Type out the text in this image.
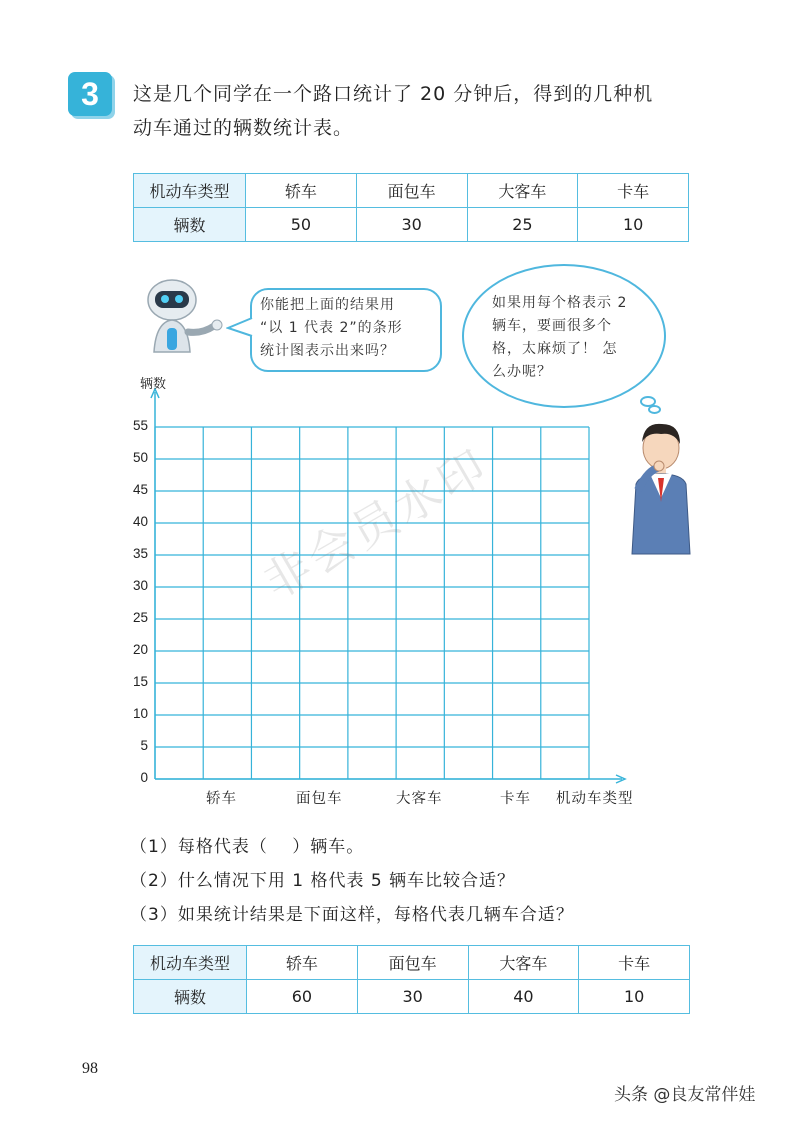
3	这是几个同学在一个路口统计了 20 分钟后，得到的几种机
动车通过的辆数统计表。
机动车类型	轿车	面包车	大客车	卡车
辆数	50	30	25	10
你能把上面的结果用
“以 1 代表 2”的条形
统计图表示出来吗？
如果用每个格表示 2
辆车，要画很多个
格，太麻烦了！ 怎
么办呢？
辆数
0
5
10
15
20
25
30
35
40
45
50
55
轿车	面包车	大客车	卡车 机动车类型
非会员水印
（1）每格代表（　 ）辆车。
（2）什么情况下用 1 格代表 5 辆车比较合适？
（3）如果统计结果是下面这样，每格代表几辆车合适？
机动车类型	轿车	面包车	大客车	卡车
辆数	60	30	40	10
98
头条 @良友常伴娃
